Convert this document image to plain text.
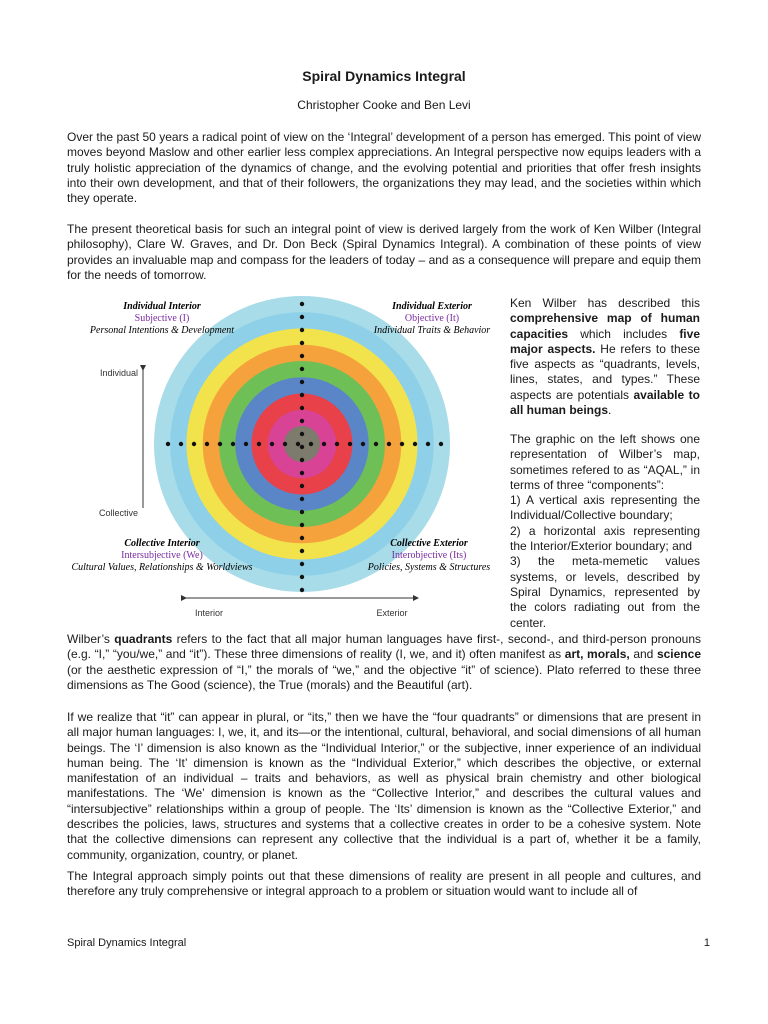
Spiral Dynamics Integral
Christopher Cooke and Ben Levi

Over the past 50 years a radical point of view on the ‘Integral’ development of a person has emerged. This point of view moves beyond Maslow and other earlier less complex appreciations. An Integral perspective now equips leaders with a truly holistic appreciation of the dynamics of change, and the evolving potential and priorities that offer fresh insights into their own development, and that of their followers, the organizations they may lead, and the societies within which they operate.

The present theoretical basis for such an integral point of view is derived largely from the work of Ken Wilber (Integral philosophy), Clare W. Graves, and Dr. Don Beck (Spiral Dynamics Integral). A combination of these points of view provides an invaluable map and compass for the leaders of today – and as a consequence will prepare and equip them for the needs of tomorrow.

Individual
Collective
Interior	Exterior
Individual Interior
Subjective (I)
Personal Intentions & Development
Individual Exterior
Objective (It)
Individual Traits & Behavior
Collective Interior
Intersubjective (We)
Cultural Values, Relationships & Worldviews
Collective Exterior
Interobjective (Its)
Policies, Systems & Structures

Ken Wilber has described this comprehensive map of human capacities which includes five major aspects. He refers to these five aspects as “quadrants, levels, lines, states, and types.” These aspects are potentials available to all human beings.

The graphic on the left shows one representation of Wilber’s map, sometimes refered to as “AQAL,” in terms of three “components”:
1) A vertical axis representing the Individual/Collective boundary;
2) a horizontal axis representing the Interior/Exterior boundary; and
3) the meta-memetic values systems, or levels, described by Spiral Dynamics, represented by the colors radiating out from the center.

Wilber’s quadrants refers to the fact that all major human languages have first-, second-, and third-person pronouns (e.g. “I,” “you/we,” and “it”). These three dimensions of reality (I, we, and it) often manifest as art, morals, and science (or the aesthetic expression of “I,” the morals of “we,” and the objective “it” of science). Plato referred to these three dimensions as The Good (science), the True (morals) and the Beautiful (art).

If we realize that “it” can appear in plural, or “its,” then we have the “four quadrants” or dimensions that are present in all major human languages: I, we, it, and its—or the intentional, cultural, behavioral, and social dimensions of all human beings. The ‘I’ dimension is also known as the “Individual Interior,” or the subjective, inner experience of an individual human being. The ‘It’ dimension is known as the “Individual Exterior,” which describes the objective, or external manifestation of an individual – traits and behaviors, as well as physical brain chemistry and other biological manifestations. The ‘We’ dimension is known as the “Collective Interior,” and describes the cultural values and “intersubjective” relationships within a group of people. The ‘Its’ dimension is known as the “Collective Exterior,” and describes the policies, laws, structures and systems that a collective creates in order to be a cohesive system. Note that the collective dimensions can represent any collective that the individual is a part of, whether it be a family, community, organization, country, or planet.

The Integral approach simply points out that these dimensions of reality are present in all people and cultures, and therefore any truly comprehensive or integral approach to a problem or situation would want to include all of

Spiral Dynamics Integral	1
